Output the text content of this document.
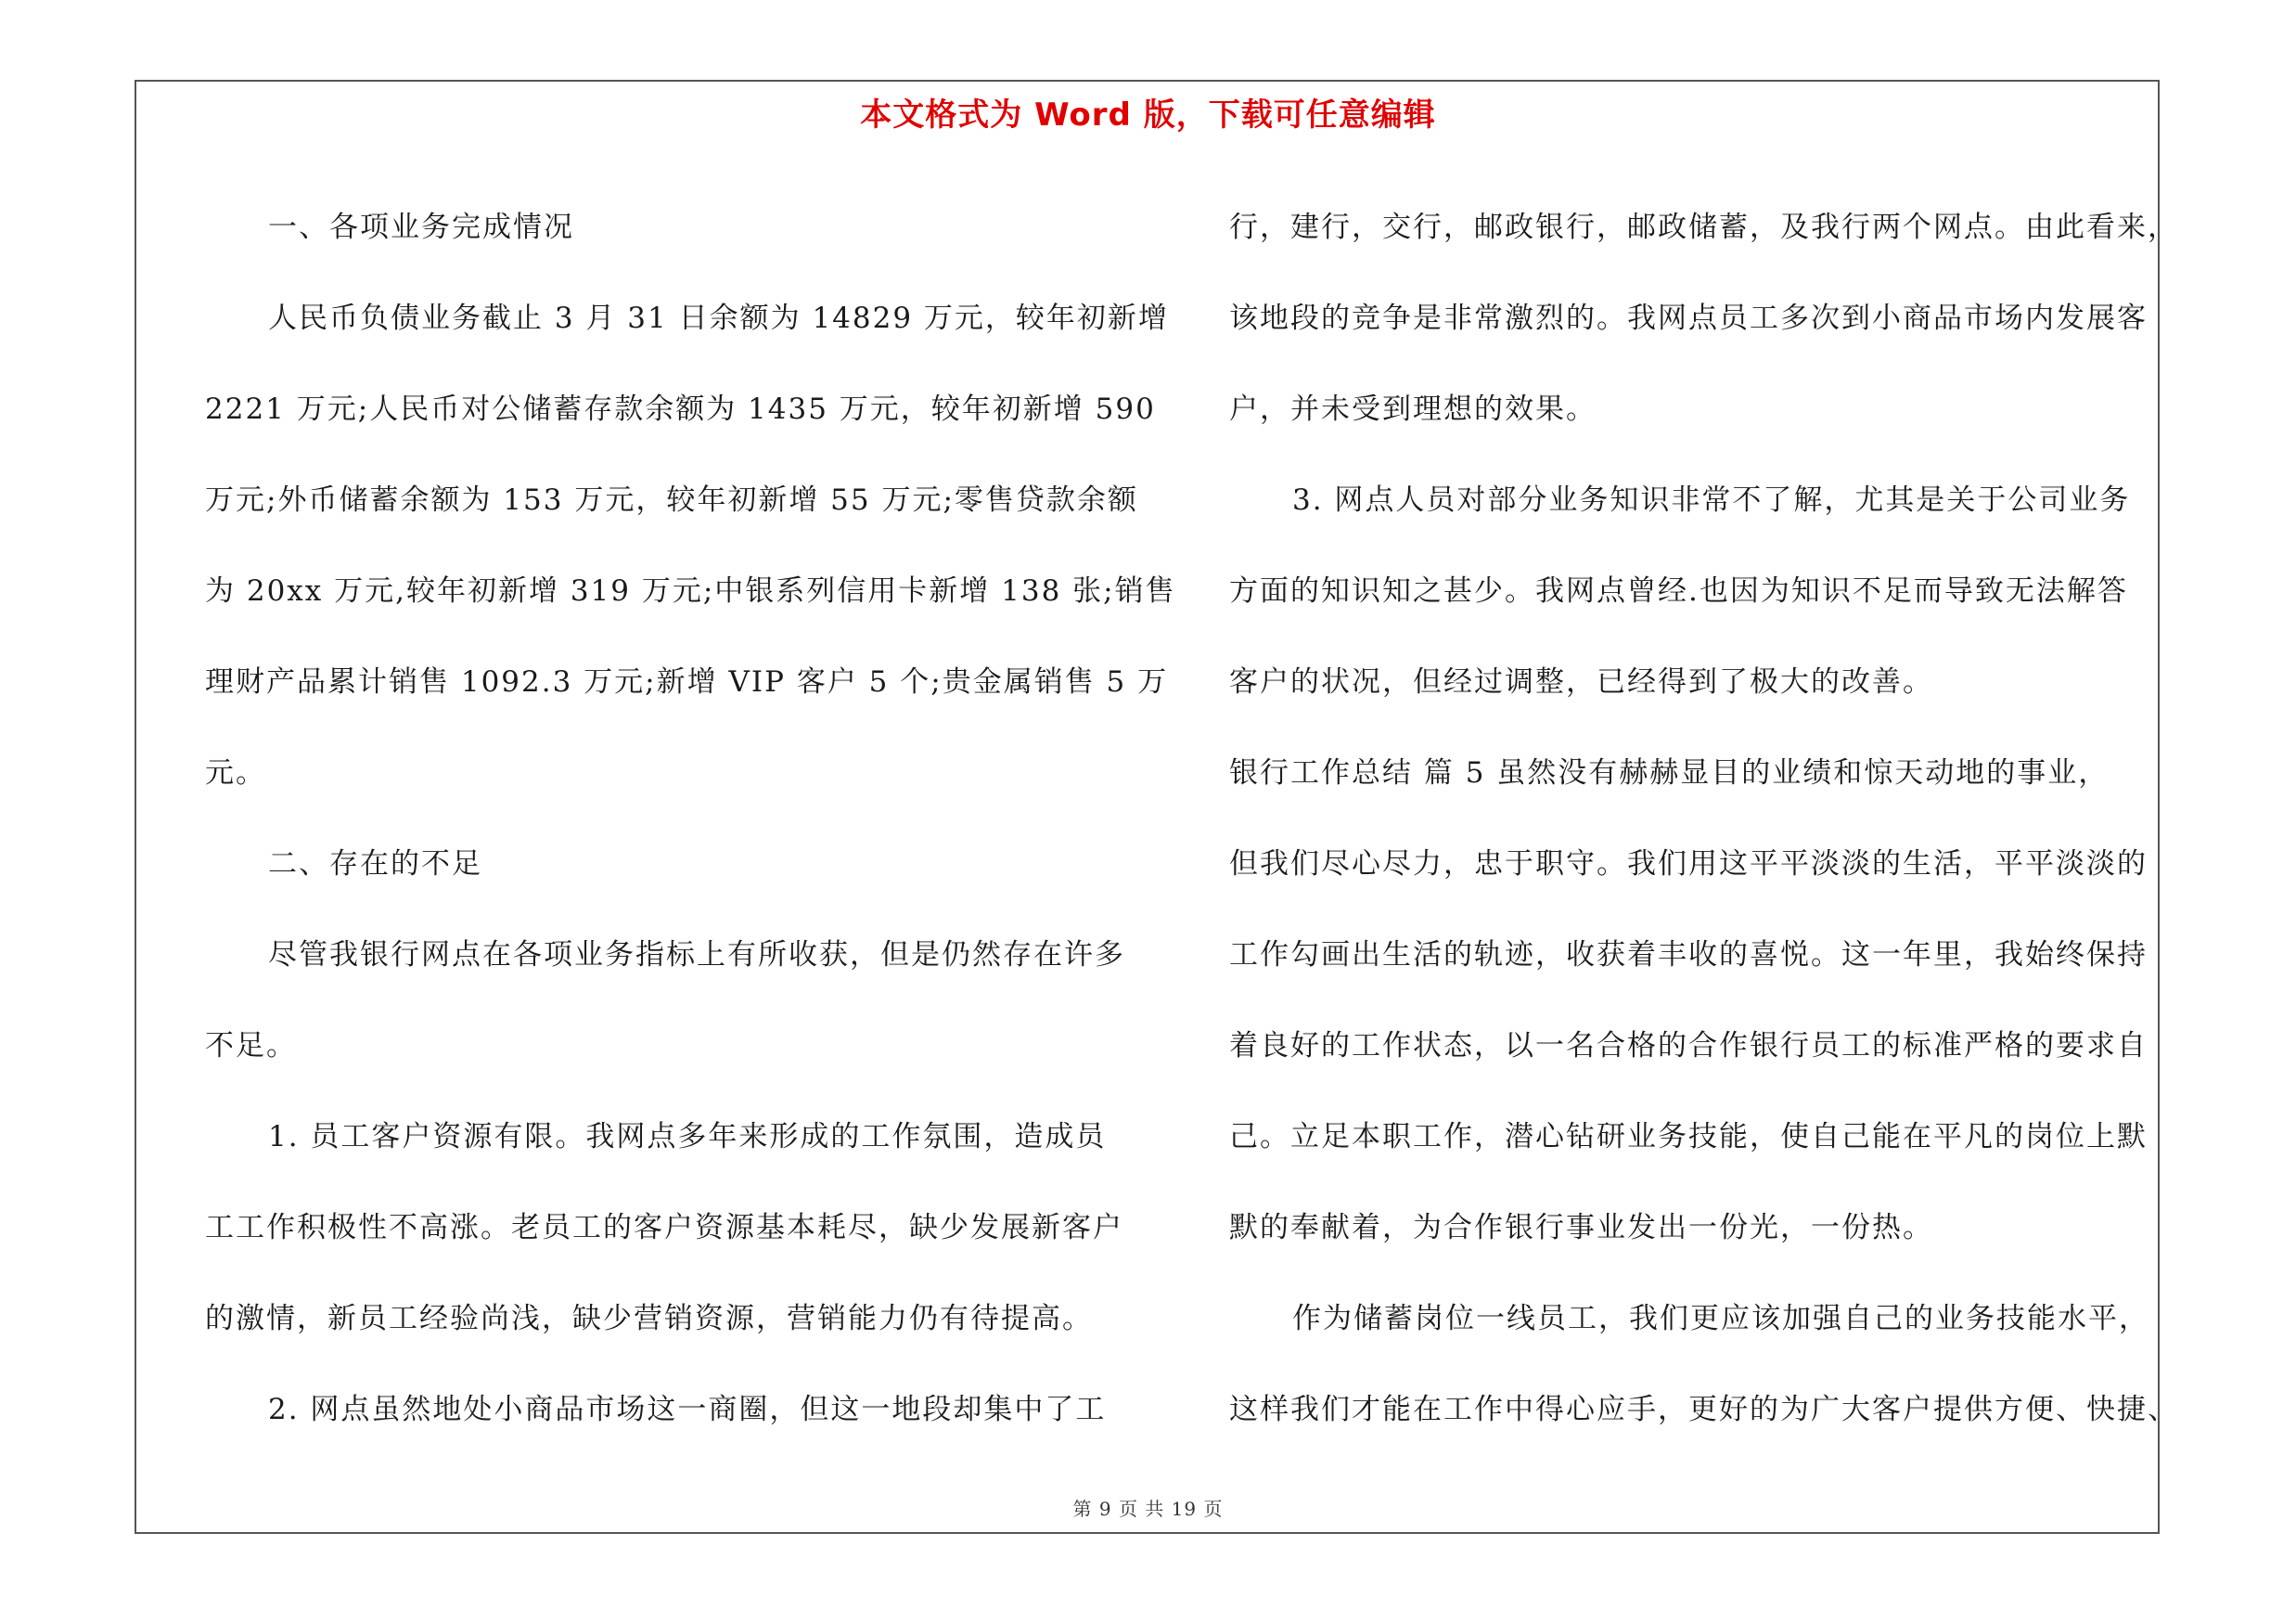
本文格式为 Word 版，下载可任意编辑

一、各项业务完成情况

人民币负债业务截止 3 月 31 日余额为 14829 万元，较年初新增

2221 万元;人民币对公储蓄存款余额为 1435 万元，较年初新增 590

万元;外币储蓄余额为 153 万元，较年初新增 55 万元;零售贷款余额

为 20xx 万元,较年初新增 319 万元;中银系列信用卡新增 138 张;销售

理财产品累计销售 1092.3 万元;新增 VIP 客户 5 个;贵金属销售 5 万

元。

二、存在的不足

尽管我银行网点在各项业务指标上有所收获，但是仍然存在许多

不足。

1. 员工客户资源有限。我网点多年来形成的工作氛围，造成员

工工作积极性不高涨。老员工的客户资源基本耗尽，缺少发展新客户

的激情，新员工经验尚浅，缺少营销资源，营销能力仍有待提高。

2. 网点虽然地处小商品市场这一商圈，但这一地段却集中了工

行，建行，交行，邮政银行，邮政储蓄，及我行两个网点。由此看来，

该地段的竞争是非常激烈的。我网点员工多次到小商品市场内发展客

户，并未受到理想的效果。

3. 网点人员对部分业务知识非常不了解，尤其是关于公司业务

方面的知识知之甚少。我网点曾经.也因为知识不足而导致无法解答

客户的状况，但经过调整，已经得到了极大的改善。

银行工作总结 篇 5 虽然没有赫赫显目的业绩和惊天动地的事业，

但我们尽心尽力，忠于职守。我们用这平平淡淡的生活，平平淡淡的

工作勾画出生活的轨迹，收获着丰收的喜悦。这一年里，我始终保持

着良好的工作状态，以一名合格的合作银行员工的标准严格的要求自

己。立足本职工作，潜心钻研业务技能，使自己能在平凡的岗位上默

默的奉献着，为合作银行事业发出一份光，一份热。

作为储蓄岗位一线员工，我们更应该加强自己的业务技能水平，

这样我们才能在工作中得心应手，更好的为广大客户提供方便、快捷、

第 9 页 共 19 页
